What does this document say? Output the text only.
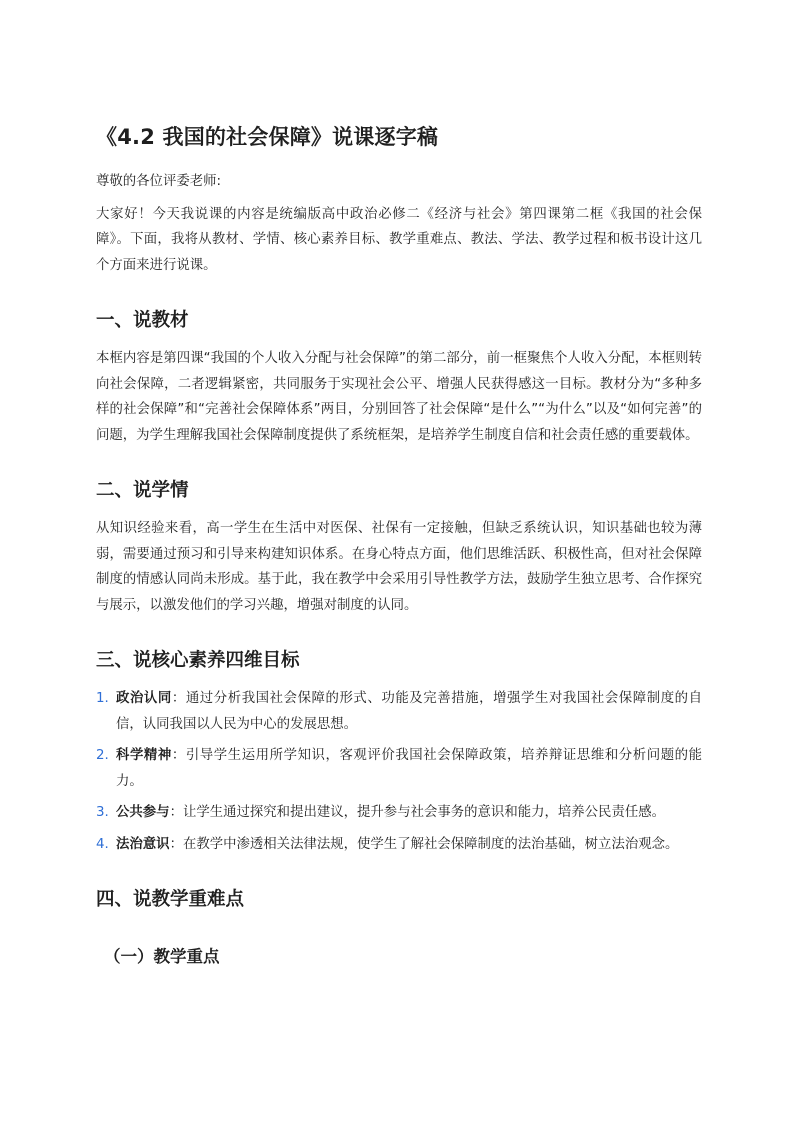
《4.2 我国的社会保障》说课逐字稿

尊敬的各位评委老师:

大家好！今天我说课的内容是统编版高中政治必修二《经济与社会》第四课第二框《我国的社会保障》。下面，我将从教材、学情、核心素养目标、教学重难点、教法、学法、教学过程和板书设计这几个方面来进行说课。

一、说教材

本框内容是第四课“我国的个人收入分配与社会保障”的第二部分，前一框聚焦个人收入分配，本框则转向社会保障，二者逻辑紧密，共同服务于实现社会公平、增强人民获得感这一目标。教材分为“多种多样的社会保障”和“完善社会保障体系”两目，分别回答了社会保障“是什么”“为什么”以及“如何完善”的问题，为学生理解我国社会保障制度提供了系统框架，是培养学生制度自信和社会责任感的重要载体。

二、说学情

从知识经验来看，高一学生在生活中对医保、社保有一定接触，但缺乏系统认识，知识基础也较为薄弱，需要通过预习和引导来构建知识体系。在身心特点方面，他们思维活跃、积极性高，但对社会保障制度的情感认同尚未形成。基于此，我在教学中会采用引导性教学方法，鼓励学生独立思考、合作探究与展示，以激发他们的学习兴趣，增强对制度的认同。

三、说核心素养四维目标
1. 政治认同：通过分析我国社会保障的形式、功能及完善措施，增强学生对我国社会保障制度的自信，认同我国以人民为中心的发展思想。
2. 科学精神：引导学生运用所学知识，客观评价我国社会保障政策，培养辩证思维和分析问题的能力。
3. 公共参与：让学生通过探究和提出建议，提升参与社会事务的意识和能力，培养公民责任感。
4. 法治意识：在教学中渗透相关法律法规，使学生了解社会保障制度的法治基础，树立法治观念。
四、说教学重难点
（一）教学重点
